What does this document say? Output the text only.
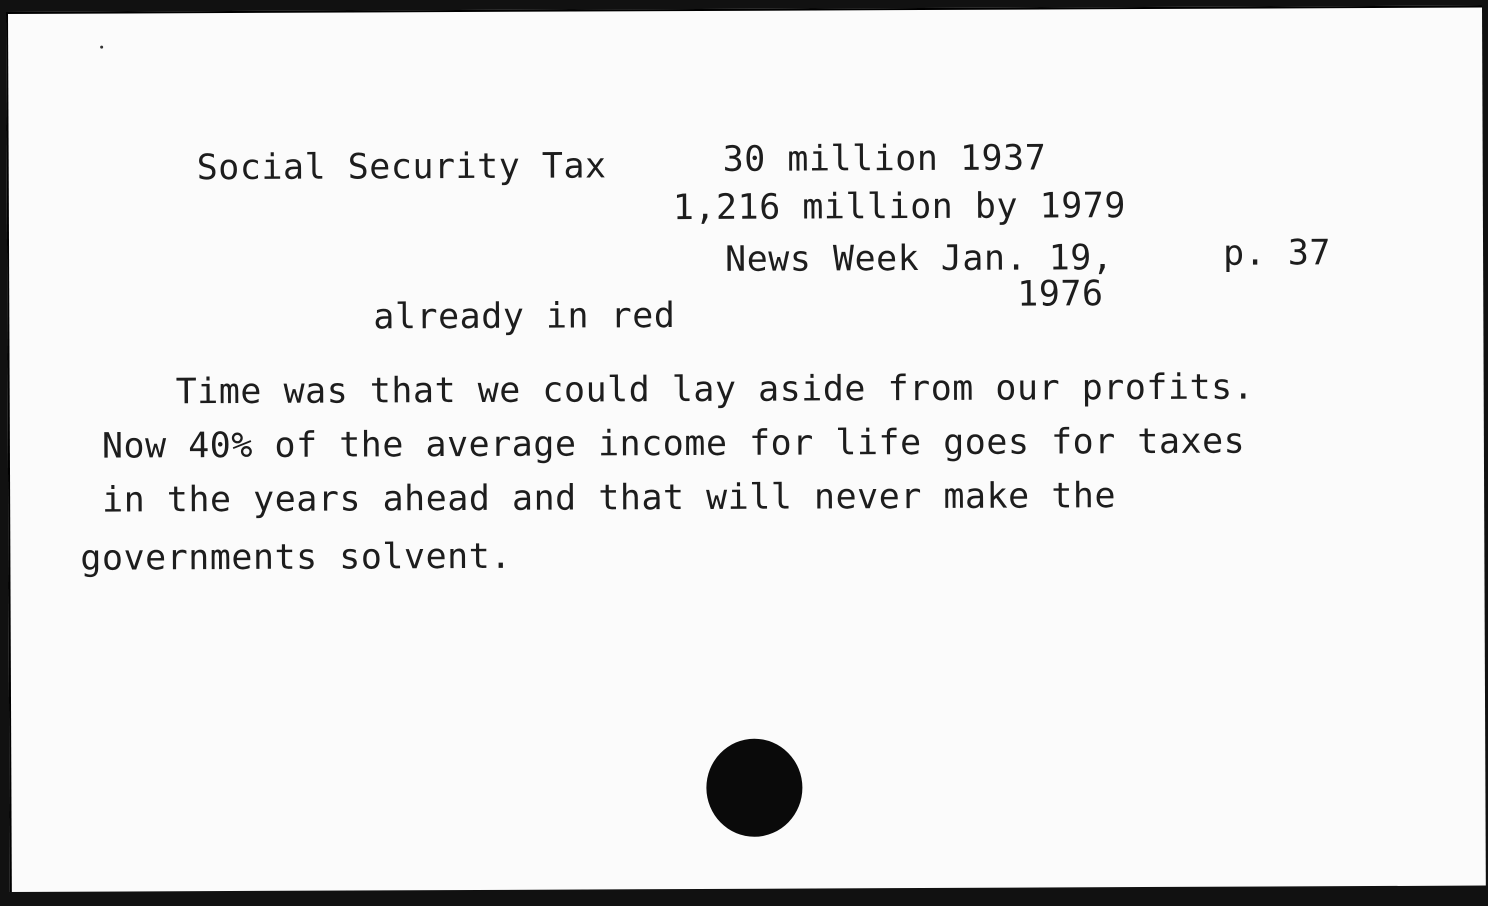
Social Security Tax	30 million 1937
1,216 million by 1979
News Week Jan. 19,	p. 37
1976
already in red
Time was that we could lay aside from our profits.
Now 40% of the average income for life goes for taxes
in the years ahead and that will never make the
governments solvent.
